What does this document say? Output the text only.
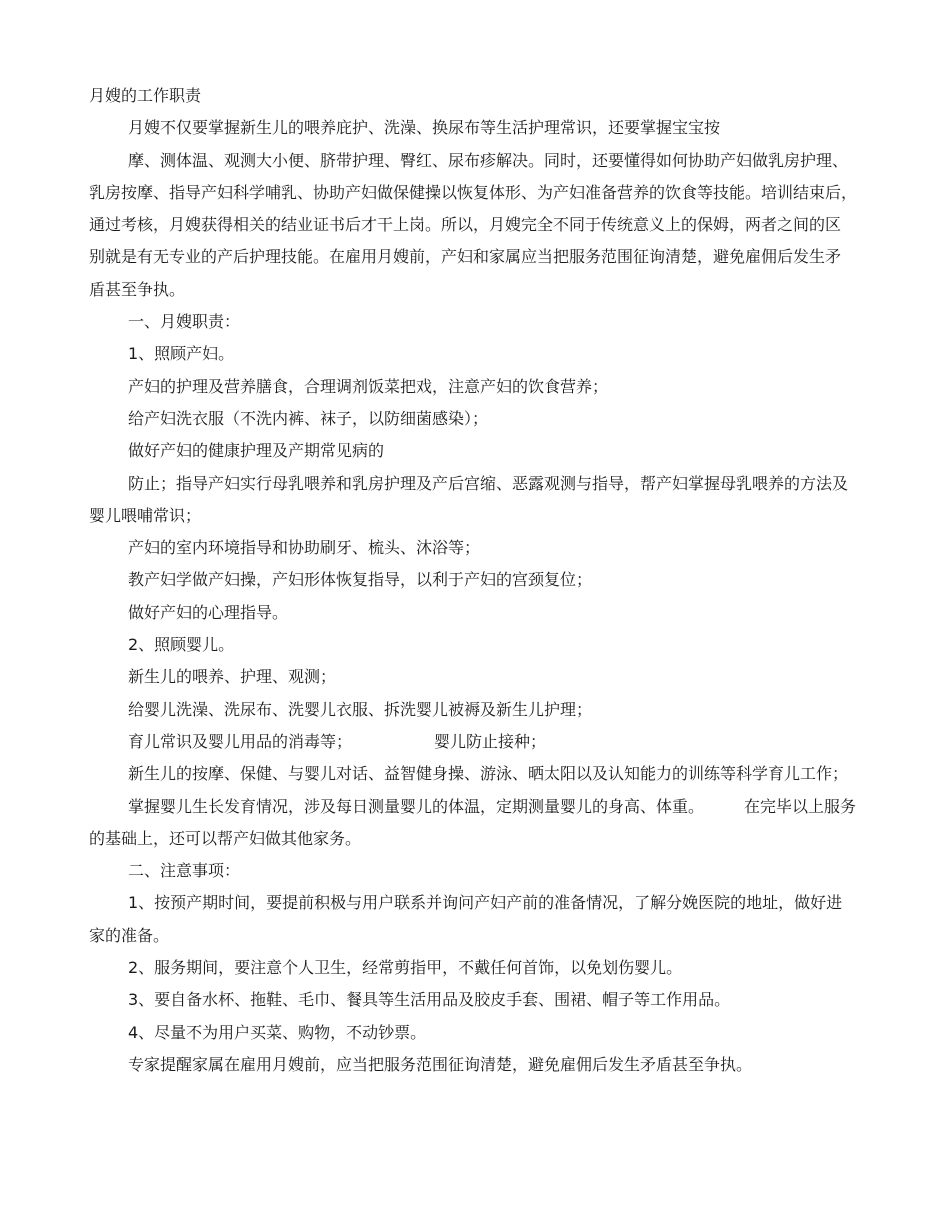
月嫂的工作职责
月嫂不仅要掌握新生儿的喂养庇护、洗澡、换尿布等生活护理常识，还要掌握宝宝按
摩、测体温、观测大小便、脐带护理、臀红、尿布疹解决。同时，还要懂得如何协助产妇做乳房护理、
乳房按摩、指导产妇科学哺乳、协助产妇做保健操以恢复体形、为产妇准备营养的饮食等技能。培训结束后，
通过考核，月嫂获得相关的结业证书后才干上岗。所以，月嫂完全不同于传统意义上的保姆，两者之间的区
别就是有无专业的产后护理技能。在雇用月嫂前，产妇和家属应当把服务范围征询清楚，避免雇佣后发生矛
盾甚至争执。
一、月嫂职责：
1、照顾产妇。
产妇的护理及营养膳食，合理调剂饭菜把戏，注意产妇的饮食营养；
给产妇洗衣服（不洗内裤、袜子，以防细菌感染）；
做好产妇的健康护理及产期常见病的
防止；指导产妇实行母乳喂养和乳房护理及产后宫缩、恶露观测与指导，帮产妇掌握母乳喂养的方法及
婴儿喂哺常识；
产妇的室内环境指导和协助刷牙、梳头、沐浴等；
教产妇学做产妇操，产妇形体恢复指导，以利于产妇的宫颈复位；
做好产妇的心理指导。
2、照顾婴儿。
新生儿的喂养、护理、观测；
给婴儿洗澡、洗尿布、洗婴儿衣服、拆洗婴儿被褥及新生儿护理；
育儿常识及婴儿用品的消毒等；	婴儿防止接种；
新生儿的按摩、保健、与婴儿对话、益智健身操、游泳、晒太阳以及认知能力的训练等科学育儿工作；
掌握婴儿生长发育情况，涉及每日测量婴儿的体温，定期测量婴儿的身高、体重。	在完毕以上服务
的基础上，还可以帮产妇做其他家务。
二、注意事项：
1、按预产期时间，要提前积极与用户联系并询问产妇产前的准备情况，了解分娩医院的地址，做好进
家的准备。
2、服务期间，要注意个人卫生，经常剪指甲，不戴任何首饰，以免划伤婴儿。
3、要自备水杯、拖鞋、毛巾、餐具等生活用品及胶皮手套、围裙、帽子等工作用品。
4、尽量不为用户买菜、购物，不动钞票。
专家提醒家属在雇用月嫂前，应当把服务范围征询清楚，避免雇佣后发生矛盾甚至争执。
